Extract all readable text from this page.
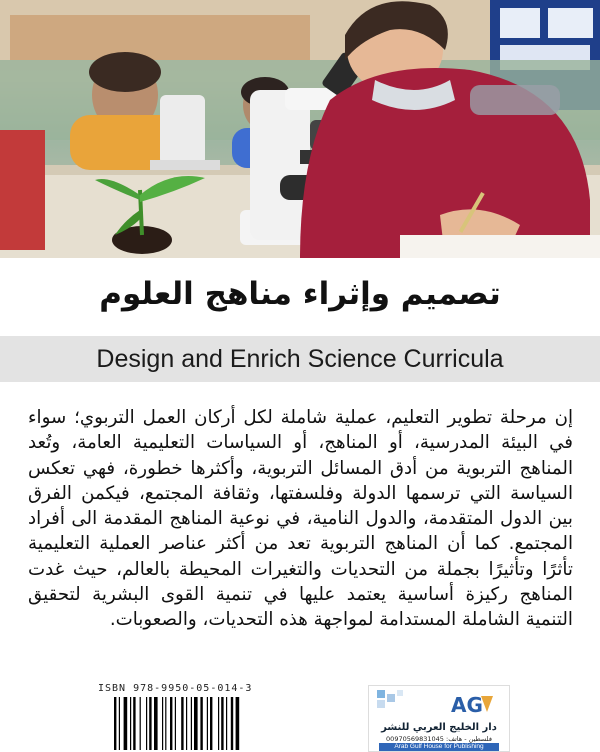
تصميم وإثراء مناهج العلوم
Design and Enrich Science Curricula
إن مرحلة تطوير التعليم، عملية شاملة لكل أركان العمل التربوي؛ سواء في البيئة المدرسية، أو المناهج، أو السياسات التعليمية العامة، وتُعد المناهج التربوية من أدق المسائل التربوية، وأكثرها خطورة، فهي تعكس السياسة التي ترسمها الدولة وفلسفتها، وثقافة المجتمع، فيكمن الفرق بين الدول المتقدمة، والدول النامية، في نوعية المناهج المقدمة الى أفراد المجتمع. كما أن المناهج التربوية تعد من أكثر عناصر العملية التعليمية تأثرًا وتأثيرًا بجملة من التحديات والتغيرات المحيطة بالعالم، حيث غدت المناهج ركيزة أساسية يعتمد عليها في تنمية القوى البشرية لتحقيق التنمية الشاملة المستدامة لمواجهة هذه التحديات، والصعوبات.
ISBN 978-9950-05-014-3
AG
دار الخليج العربي للنشر
فلسطين - هاتف: 00970569831045
Arab Gulf House for Publishing
